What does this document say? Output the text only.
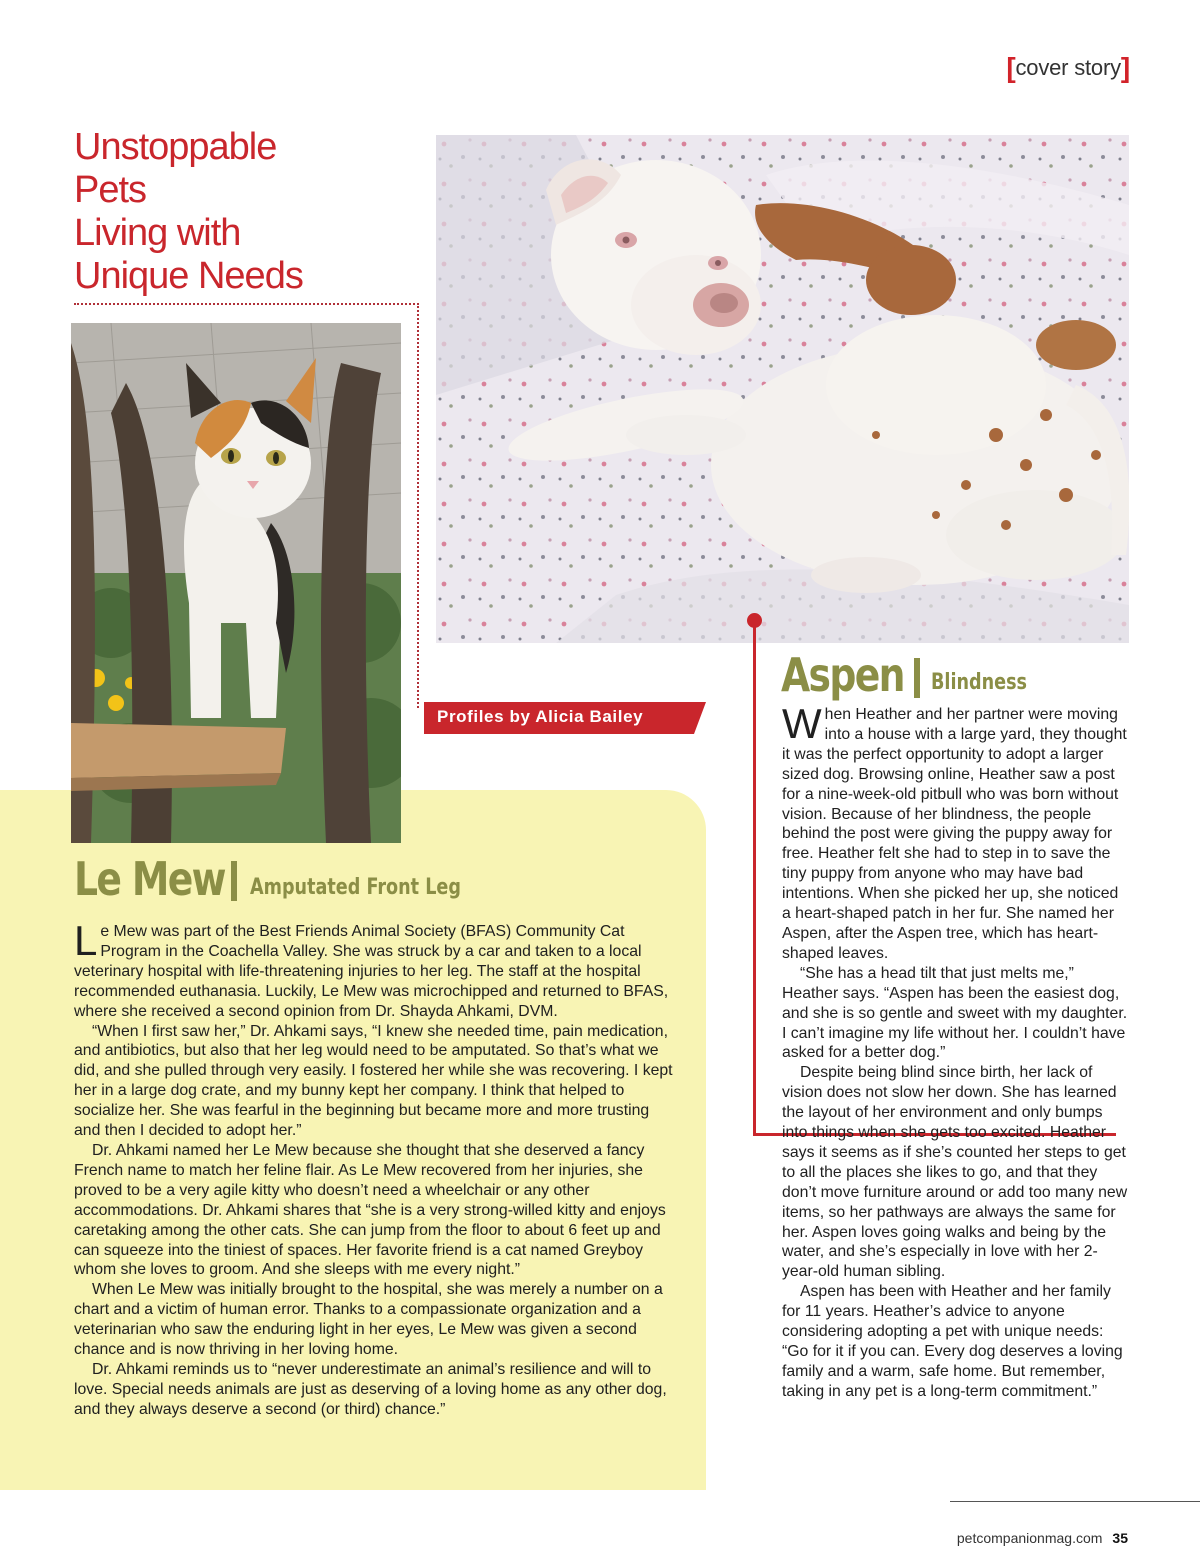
[cover story]
Unstoppable
Pets
Living with
Unique Needs
Profiles by Alicia Bailey
Le Mew Amputated Front Leg

Le Mew was part of the Best Friends Animal Society (BFAS) Community Cat Program in the Coachella Valley. She was struck by a car and taken to a local veterinary hospital with life-threatening injuries to her leg. The staff at the hospital recommended euthanasia. Luckily, Le Mew was microchipped and returned to BFAS, where she received a second opinion from Dr. Shayda Ahkami, DVM.

“When I first saw her,” Dr. Ahkami says, “I knew she needed time, pain medication, and antibiotics, but also that her leg would need to be amputated. So that’s what we did, and she pulled through very easily. I fostered her while she was recovering. I kept her in a large dog crate, and my bunny kept her company. I think that helped to socialize her. She was fearful in the beginning but became more and more trusting and then I decided to adopt her.”

Dr. Ahkami named her Le Mew because she thought that she deserved a fancy French name to match her feline flair. As Le Mew recovered from her injuries, she proved to be a very agile kitty who doesn’t need a wheelchair or any other accommodations. Dr. Ahkami shares that “she is a very strong-willed kitty and enjoys caretaking among the other cats. She can jump from the floor to about 6 feet up and can squeeze into the tiniest of spaces. Her favorite friend is a cat named Greyboy whom she loves to groom. And she sleeps with me every night.”

When Le Mew was initially brought to the hospital, she was merely a number on a chart and a victim of human error. Thanks to a compassionate organization and a veterinarian who saw the enduring light in her eyes, Le Mew was given a second chance and is now thriving in her loving home.

Dr. Ahkami reminds us to “never underestimate an animal’s resilience and will to love. Special needs animals are just as deserving of a loving home as any other dog, and they always deserve a second (or third) chance.”

Aspen Blindness

When Heather and her partner were moving into a house with a large yard, they thought it was the perfect opportunity to adopt a larger sized dog. Browsing online, Heather saw a post for a nine-week-old pitbull who was born without vision. Because of her blindness, the people behind the post were giving the puppy away for free. Heather felt she had to step in to save the tiny puppy from anyone who may have bad intentions. When she picked her up, she noticed a heart-shaped patch in her fur. She named her Aspen, after the Aspen tree, which has heart-shaped leaves.

“She has a head tilt that just melts me,” Heather says. “Aspen has been the easiest dog, and she is so gentle and sweet with my daughter. I can’t imagine my life without her. I couldn’t have asked for a better dog.”

Despite being blind since birth, her lack of vision does not slow her down. She has learned the layout of her environment and only bumps into things when she gets too excited. Heather says it seems as if she’s counted her steps to get to all the places she likes to go, and that they don’t move furniture around or add too many new items, so her pathways are always the same for her. Aspen loves going walks and being by the water, and she’s especially in love with her 2-year-old human sibling.

Aspen has been with Heather and her family for 11 years. Heather’s advice to anyone considering adopting a pet with unique needs: “Go for it if you can. Every dog deserves a loving family and a warm, safe home. But remember, taking in any pet is a long-term commitment.”

petcompanionmag.com 35
